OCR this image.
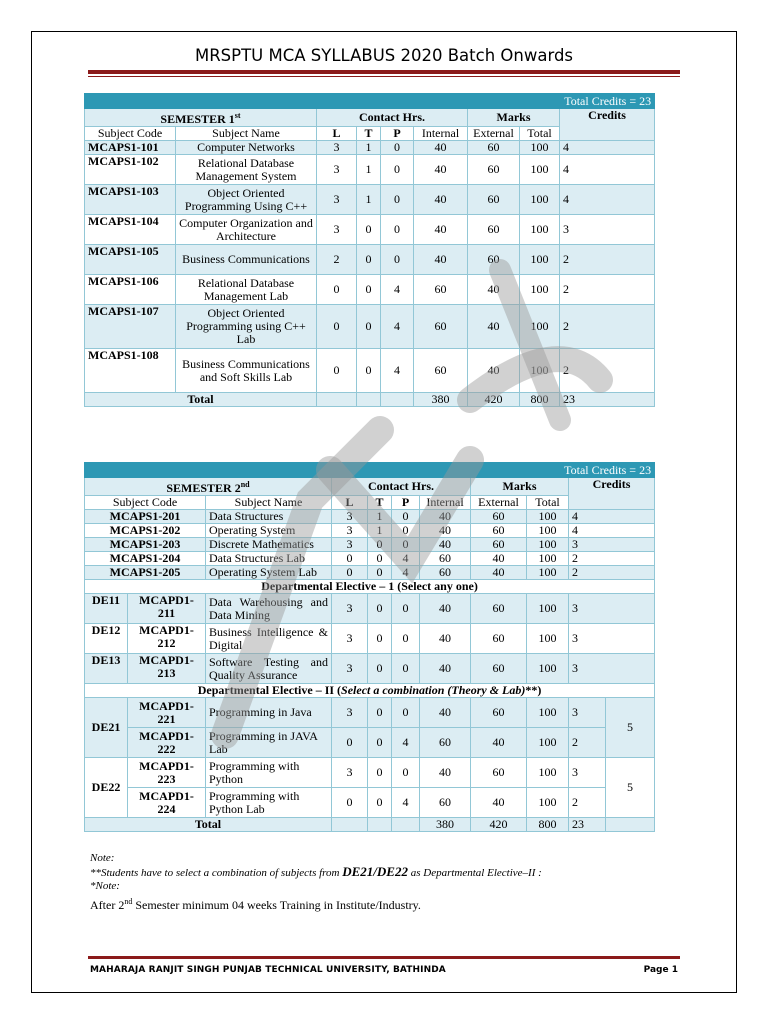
MRSPTU MCA SYLLABUS 2020 Batch Onwards
Total Credits = 23								
SEMESTER 1st		Contact Hrs.				Marks		Credits
Subject Code	Subject Name	L	T	P	Internal	External	Total	
MCAPS1-101	Computer Networks	3	1	0	40	60	100	4
MCAPS1-102	Relational Database Management System	3	1	0	40	60	100	4
MCAPS1-103	Object Oriented Programming Using C++	3	1	0	40	60	100	4
MCAPS1-104	Computer Organization and Architecture	3	0	0	40	60	100	3
MCAPS1-105	Business Communications	2	0	0	40	60	100	2
MCAPS1-106	Relational Database Management Lab	0	0	4	60	40	100	2
MCAPS1-107	Object Oriented Programming using C++ Lab	0	0	4	60	40	100	2
MCAPS1-108	Business Communications and Soft Skills Lab	0	0	4	60	40	100	2
Total					380	420	800	23
Total Credits = 23										
SEMESTER 2nd			Contact Hrs.				Marks		Credits	
Subject Code		Subject Name	L	T	P	Internal	External	Total		
MCAPS1-201		Data Structures	3	1	0	40	60	100	4	
MCAPS1-202		Operating System	3	1	0	40	60	100	4	
MCAPS1-203		Discrete Mathematics	3	0	0	40	60	100	3	
MCAPS1-204		Data Structures Lab	0	0	4	60	40	100	2	
MCAPS1-205		Operating System Lab	0	0	4	60	40	100	2	
Departmental Elective – 1 (Select any one)										
DE11	MCAPD1-211	Data Warehousing and Data Mining	3	0	0	40	60	100	3	
DE12	MCAPD1-212	Business Intelligence & Digital	3	0	0	40	60	100	3	
DE13	MCAPD1-213	Software Testing and Quality Assurance	3	0	0	40	60	100	3	
Departmental Elective – II (Select a combination (Theory & Lab)**)										
DE21	MCAPD1-221	Programming in Java	3	0	0	40	60	100	3	5
	MCAPD1-222	Programming in JAVA Lab	0	0	4	60	40	100	2	
DE22	MCAPD1-223	Programming with Python	3	0	0	40	60	100	3	5
	MCAPD1-224	Programming with Python Lab	0	0	4	60	40	100	2	
Total						380	420	800	23	
Note:
**Students have to select a combination of subjects from DE21/DE22 as Departmental Elective–II :
*Note:
After 2nd Semester minimum 04 weeks Training in Institute/Industry.
MAHARAJA RANJIT SINGH PUNJAB TECHNICAL UNIVERSITY, BATHINDA	Page 1
